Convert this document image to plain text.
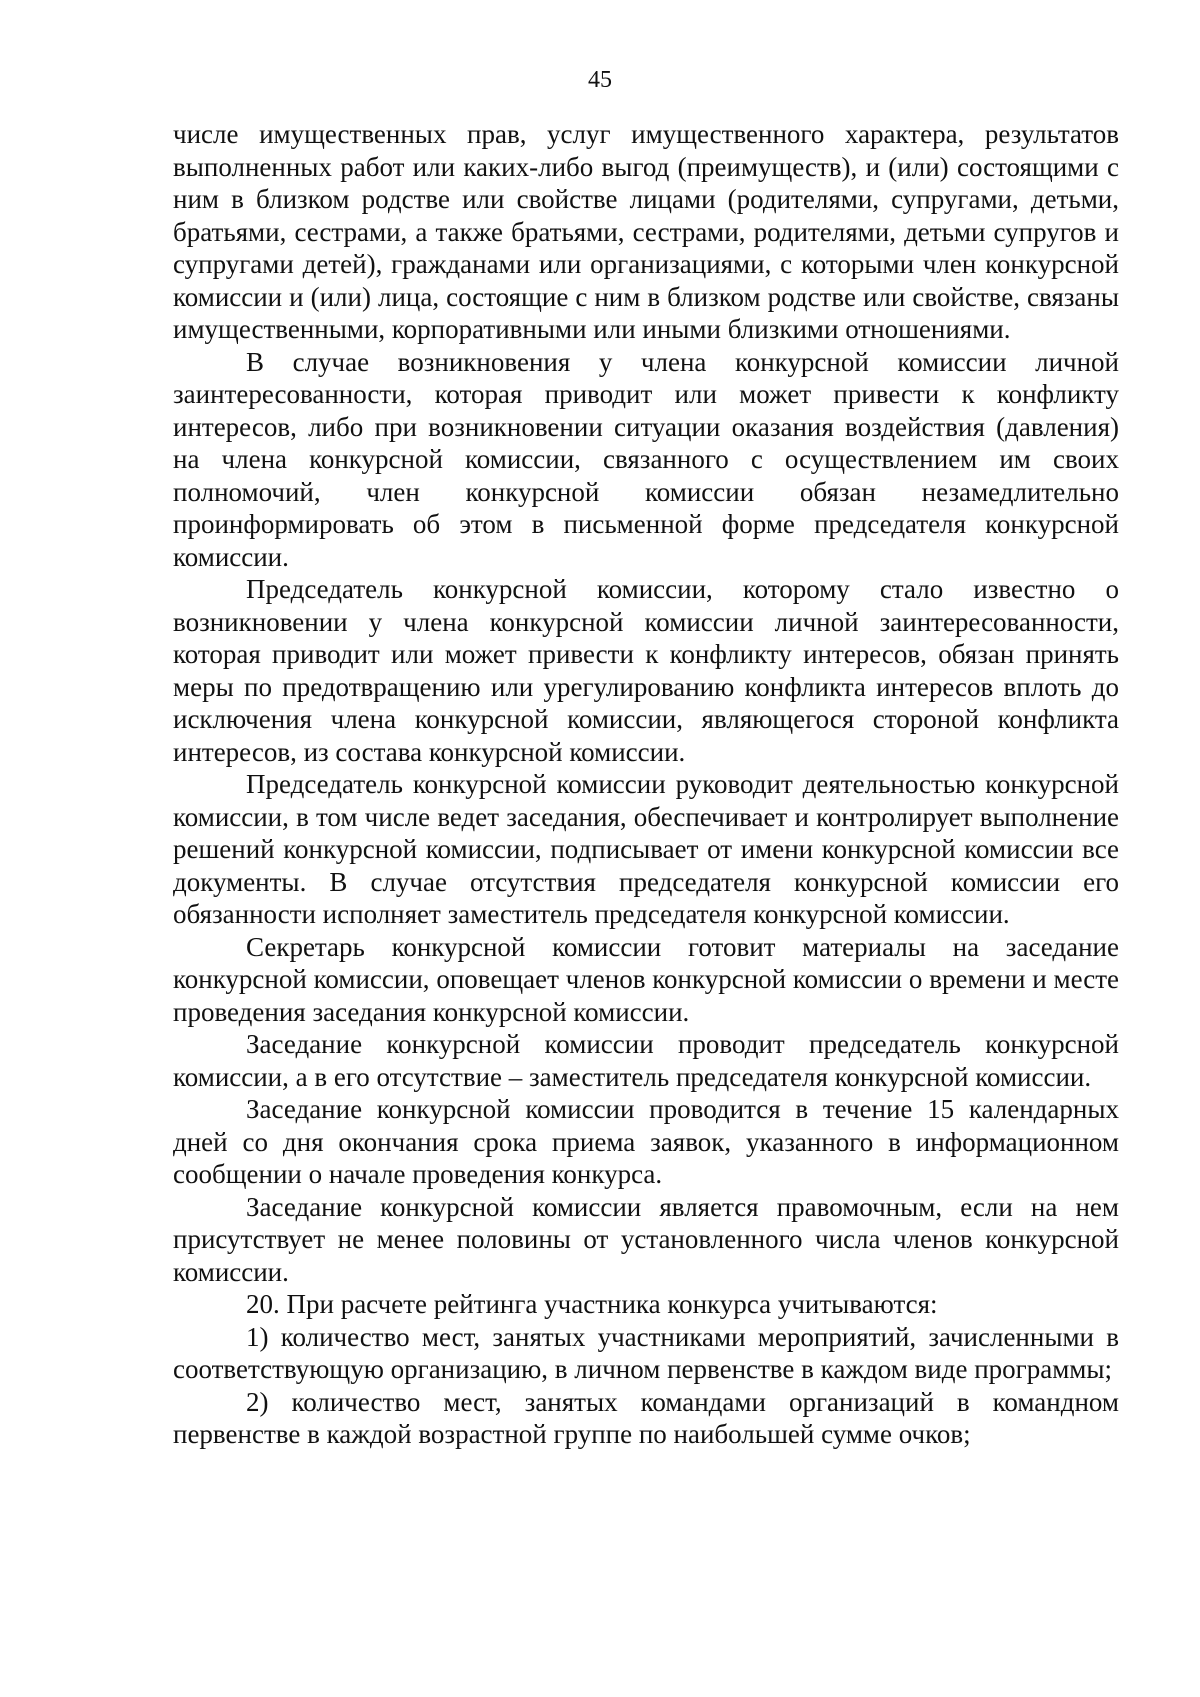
45

числе имущественных прав, услуг имущественного характера, результатов выполненных работ или каких-либо выгод (преимуществ), и (или) состоящими с ним в близком родстве или свойстве лицами (родителями, супругами, детьми, братьями, сестрами, а также братьями, сестрами, родителями, детьми супругов и супругами детей), гражданами или организациями, с которыми член конкурсной комиссии и (или) лица, состоящие с ним в близком родстве или свойстве, связаны имущественными, корпоративными или иными близкими отношениями.

В случае возникновения у члена конкурсной комиссии личной заинтересованности, которая приводит или может привести к конфликту интересов, либо при возникновении ситуации оказания воздействия (давления) на члена конкурсной комиссии, связанного с осуществлением им своих полномочий, член конкурсной комиссии обязан незамедлительно проинформировать об этом в письменной форме председателя конкурсной комиссии.

Председатель конкурсной комиссии, которому стало известно о возникновении у члена конкурсной комиссии личной заинтересованности, которая приводит или может привести к конфликту интересов, обязан принять меры по предотвращению или урегулированию конфликта интересов вплоть до исключения члена конкурсной комиссии, являющегося стороной конфликта интересов, из состава конкурсной комиссии.

Председатель конкурсной комиссии руководит деятельностью конкурсной комиссии, в том числе ведет заседания, обеспечивает и контролирует выполнение решений конкурсной комиссии, подписывает от имени конкурсной комиссии все документы. В случае отсутствия председателя конкурсной комиссии его обязанности исполняет заместитель председателя конкурсной комиссии.

Секретарь конкурсной комиссии готовит материалы на заседание конкурсной комиссии, оповещает членов конкурсной комиссии о времени и месте проведения заседания конкурсной комиссии.

Заседание конкурсной комиссии проводит председатель конкурсной комиссии, а в его отсутствие – заместитель председателя конкурсной комиссии.

Заседание конкурсной комиссии проводится в течение 15 календарных дней со дня окончания срока приема заявок, указанного в информационном сообщении о начале проведения конкурса.

Заседание конкурсной комиссии является правомочным, если на нем присутствует не менее половины от установленного числа членов конкурсной комиссии.

20. При расчете рейтинга участника конкурса учитываются:

1) количество мест, занятых участниками мероприятий, зачисленными в соответствующую организацию, в личном первенстве в каждом виде программы;

2) количество мест, занятых командами организаций в командном первенстве в каждой возрастной группе по наибольшей сумме очков;
